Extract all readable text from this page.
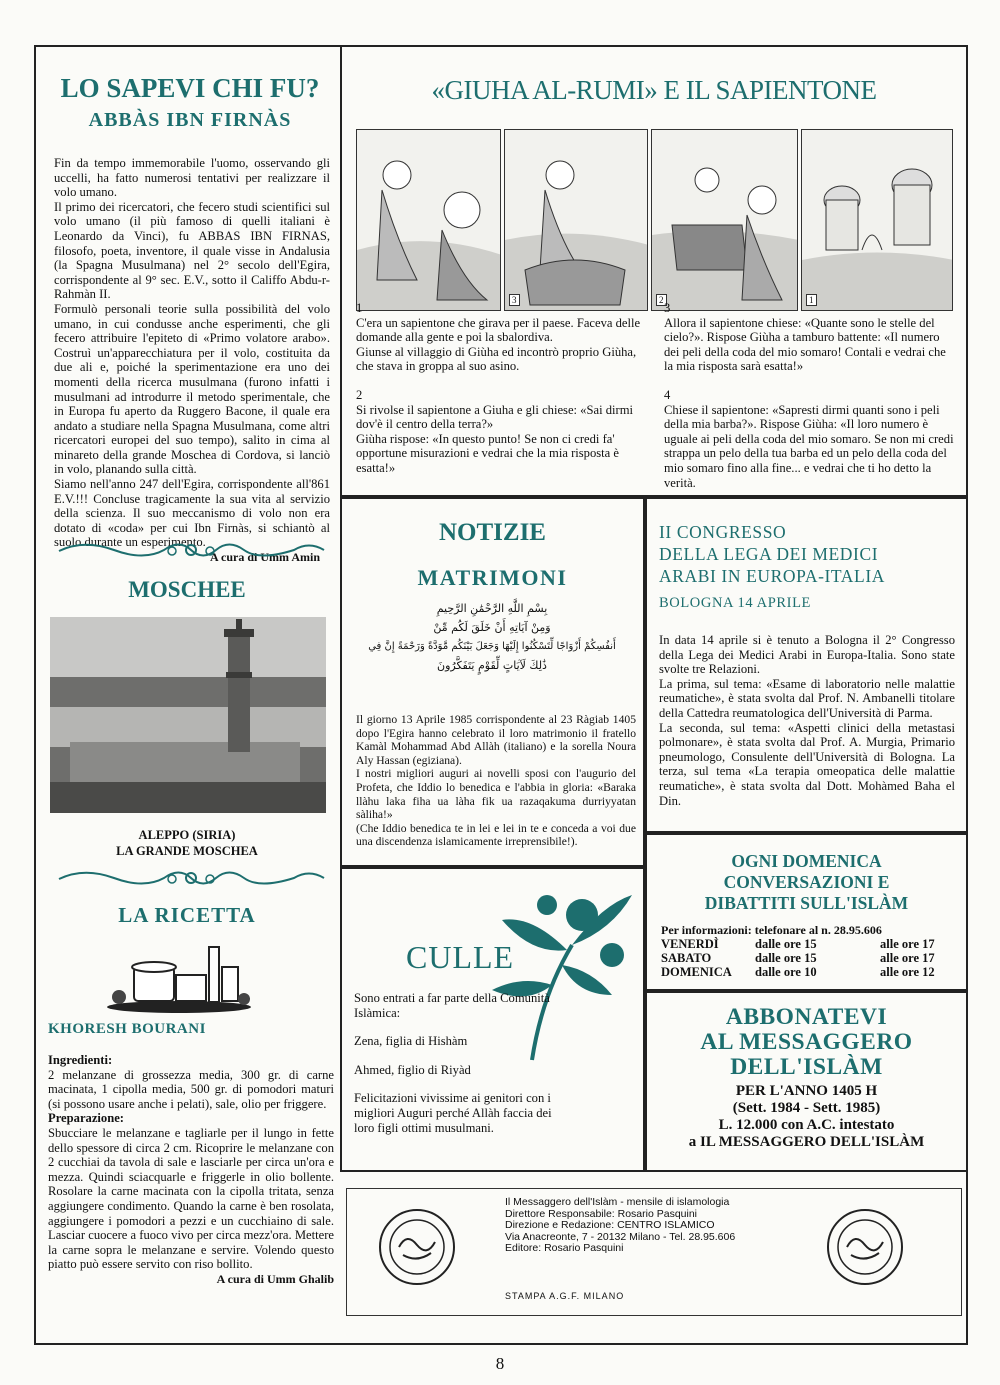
LO SAPEVI CHI FU?
ABBÀS IBN FIRNÀS

Fin da tempo immemorabile l'uomo, osservando gli uccelli, ha fatto numerosi tentativi per realizzare il volo umano.

Il primo dei ricercatori, che fecero studi scientifici sul volo umano (il più famoso di quelli italiani è Leonardo da Vinci), fu ABBAS IBN FIRNAS, filosofo, poeta, inventore, il quale visse in Andalusia (la Spagna Musulmana) nel 2° secolo dell'Egira, corrispondente al 9° sec. E.V., sotto il Califfo Abdu-r-Rahmàn II.

Formulò personali teorie sulla possibilità del volo umano, in cui condusse anche esperimenti, che gli fecero attribuire l'epiteto di «Primo volatore arabo». Costruì un'apparecchiatura per il volo, costituita da due ali e, poiché la sperimentazione era uno dei momenti della ricerca musulmana (furono infatti i musulmani ad introdurre il metodo sperimentale, che in Europa fu aperto da Ruggero Bacone, il quale era andato a studiare nella Spagna Musulmana, come altri ricercatori europei del suo tempo), salito in cima al minareto della grande Moschea di Cordova, si lanciò in volo, planando sulla città.

Siamo nell'anno 247 dell'Egira, corrispondente all'861 E.V.!!! Concluse tragicamente la sua vita al servizio della scienza. Il suo meccanismo di volo non era dotato di «coda» per cui Ibn Firnàs, si schiantò al suolo durante un esperimento.

A cura di Umm Amin
MOSCHEE
ALEPPO (SIRIA)
LA GRANDE MOSCHEA
LA RICETTA
KHORESH BOURANI

Ingredienti:

2 melanzane di grossezza media, 300 gr. di carne macinata, 1 cipolla media, 500 gr. di pomodori maturi (si possono usare anche i pelati), sale, olio per friggere.

Preparazione:

Sbucciare le melanzane e tagliarle per il lungo in fette dello spessore di circa 2 cm. Ricoprire le melanzane con 2 cucchiai da tavola di sale e lasciarle per circa un'ora e mezza. Quindi sciacquarle e friggerle in olio bollente. Rosolare la carne macinata con la cipolla tritata, senza aggiungere condimento. Quando la carne è ben rosolata, aggiungere i pomodori a pezzi e un cucchiaino di sale. Lasciar cuocere a fuoco vivo per circa mezz'ora. Mettere la carne sopra le melanzane e servire. Volendo questo piatto può essere servito con riso bollito.

A cura di Umm Ghalib
«GIUHA AL-RUMI» E IL SAPIENTONE
3	2	1

1

C'era un sapientone che girava per il paese. Faceva delle domande alla gente e poi la sbalordiva.

Giunse al villaggio di Giùha ed incontrò proprio Giùha, che stava in groppa al suo asino.

2

Si rivolse il sapientone a Giuha e gli chiese: «Sai dirmi dov'è il centro della terra?»

Giùha rispose: «In questo punto! Se non ci credi fa' opportune misurazioni e vedrai che la mia risposta è esatta!»

3

Allora il sapientone chiese: «Quante sono le stelle del cielo?». Rispose Giùha a tamburo battente: «Il numero dei peli della coda del mio somaro! Contali e vedrai che la mia risposta sarà esatta!»

4

Chiese il sapientone: «Sapresti dirmi quanti sono i peli della mia barba?». Rispose Giùha: «Il loro numero è uguale ai peli della coda del mio somaro. Se non mi credi strappa un pelo della tua barba ed un pelo della coda del mio somaro fino alla fine... e vedrai che ti ho detto la verità.

NOTIZIE
MATRIMONI
بِسْمِ اللَّهِ الرَّحْمَٰنِ الرَّحِيمِ
وَمِنْ آيَاتِهِ أَنْ خَلَقَ لَكُم مِّنْ
أَنفُسِكُمْ أَزْوَاجًا لِّتَسْكُنُوا إِلَيْهَا وَجَعَلَ بَيْنَكُم مَّوَدَّةً وَرَحْمَةً إِنَّ فِي
ذَٰلِكَ لَآيَاتٍ لِّقَوْمٍ يَتَفَكَّرُونَ

Il giorno 13 Aprile 1985 corrispondente al 23 Ràgiab 1405 dopo l'Egira hanno celebrato il loro matrimonio il fratello Kamàl Mohammad Abd Allàh (italiano) e la sorella Noura Aly Hassan (egiziana).

I nostri migliori auguri ai novelli sposi con l'augurio del Profeta, che Iddio lo benedica e l'abbia in gloria: «Baraka llàhu laka fiha ua làha fik ua razaqakuma durriyyatan sàliha!»

(Che Iddio benedica te in lei e lei in te e conceda a voi due una discendenza islamicamente irreprensibile!).

CULLE

Sono entrati a far parte della Comunità Islàmica:

Zena, figlia di Hishàm

Ahmed, figlio di Riyàd

Felicitazioni vivissime ai genitori con i migliori Auguri perché Allàh faccia dei loro figli ottimi musulmani.

II CONGRESSO
DELLA LEGA DEI MEDICI
ARABI IN EUROPA-ITALIA
BOLOGNA 14 APRILE

In data 14 aprile si è tenuto a Bologna il 2° Congresso della Lega dei Medici Arabi in Europa-Italia. Sono state svolte tre Relazioni.

La prima, sul tema: «Esame di laboratorio nelle malattie reumatiche», è stata svolta dal Prof. N. Ambanelli titolare della Cattedra reumatologica dell'Università di Parma.

La seconda, sul tema: «Aspetti clinici della metastasi polmonare», è stata svolta dal Prof. A. Murgia, Primario pneumologo, Consulente dell'Università di Bologna. La terza, sul tema «La terapia omeopatica delle malattie reumatiche», è stata svolta dal Dott. Mohàmed Baha el Din.

OGNI DOMENICA
CONVERSAZIONI E
DIBATTITI SULL'ISLÀM
Per informazioni: telefonare al n. 28.95.606
VENERDÌ	dalle ore 15	alle ore 17
SABATO	dalle ore 15	alle ore 17
DOMENICA	dalle ore 10	alle ore 12
ABBONATEVI
AL MESSAGGERO
DELL'ISLÀM
PER L'ANNO 1405 H
(Sett. 1984 - Sett. 1985)
L. 12.000 con A.C. intestato
a IL MESSAGGERO DELL'ISLÀM
Il Messaggero dell'Islàm - mensile di islamologia
Direttore Responsabile: Rosario Pasquini
Direzione e Redazione: CENTRO ISLAMICO
Via Anacreonte, 7 - 20132 Milano - Tel. 28.95.606
Editore: Rosario Pasquini
STAMPA A.G.F. MILANO
8
